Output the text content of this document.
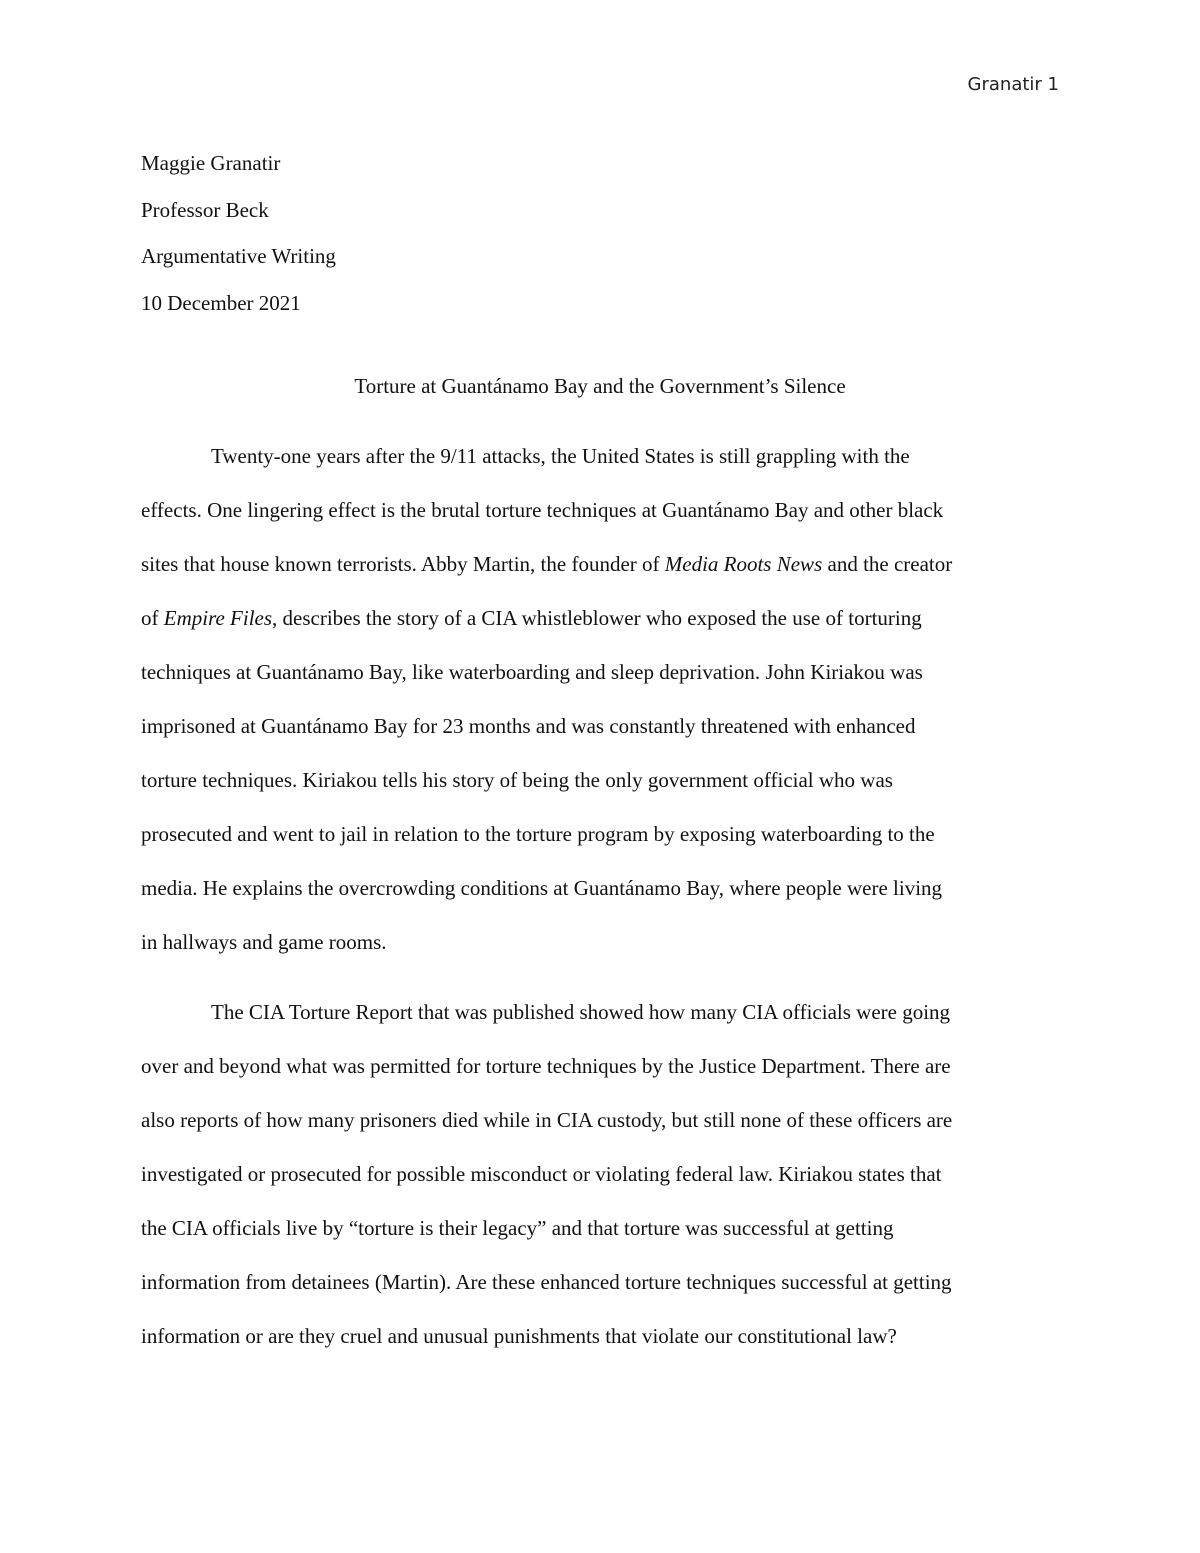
Granatir 1
Maggie Granatir
Professor Beck
Argumentative Writing
10 December 2021
Torture at Guantánamo Bay and the Government’s Silence
Twenty-one years after the 9/11 attacks, the United States is still grappling with the
effects. One lingering effect is the brutal torture techniques at Guantánamo Bay and other black
sites that house known terrorists. Abby Martin, the founder of Media Roots News and the creator
of Empire Files, describes the story of a CIA whistleblower who exposed the use of torturing
techniques at Guantánamo Bay, like waterboarding and sleep deprivation. John Kiriakou was
imprisoned at Guantánamo Bay for 23 months and was constantly threatened with enhanced
torture techniques. Kiriakou tells his story of being the only government official who was
prosecuted and went to jail in relation to the torture program by exposing waterboarding to the
media. He explains the overcrowding conditions at Guantánamo Bay, where people were living
in hallways and game rooms.
The CIA Torture Report that was published showed how many CIA officials were going
over and beyond what was permitted for torture techniques by the Justice Department. There are
also reports of how many prisoners died while in CIA custody, but still none of these officers are
investigated or prosecuted for possible misconduct or violating federal law. Kiriakou states that
the CIA officials live by “torture is their legacy” and that torture was successful at getting
information from detainees (Martin). Are these enhanced torture techniques successful at getting
information or are they cruel and unusual punishments that violate our constitutional law?
